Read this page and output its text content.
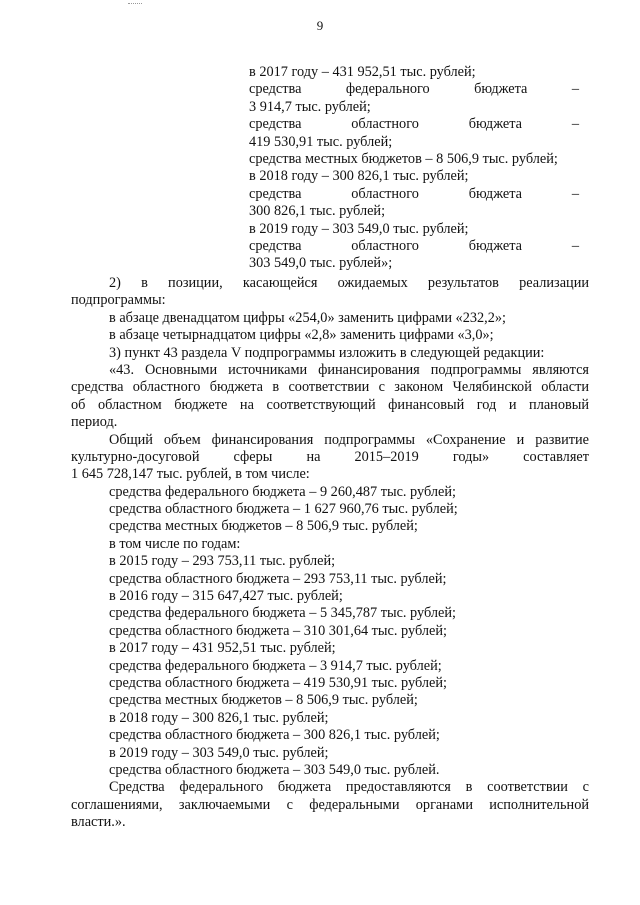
9
в 2017 году – 431 952,51 тыс. рублей;
средства федерального бюджета –
3 914,7 тыс. рублей;
средства областного бюджета –
419 530,91 тыс. рублей;
средства местных бюджетов – 8 506,9 тыс. рублей;
в 2018 году – 300 826,1 тыс. рублей;
средства областного бюджета –
300 826,1 тыс. рублей;
в 2019 году – 303 549,0 тыс. рублей;
средства областного бюджета –
303 549,0 тыс. рублей»;
2) в позиции, касающейся ожидаемых результатов реализации
подпрограммы:
в абзаце двенадцатом цифры «254,0» заменить цифрами «232,2»;
в абзаце четырнадцатом цифры «2,8» заменить цифрами «3,0»;
3) пункт 43 раздела V подпрограммы изложить в следующей редакции:
«43. Основными источниками финансирования подпрограммы являются
средства областного бюджета в соответствии с законом Челябинской области
об областном бюджете на соответствующий финансовый год и плановый
период.
Общий объем финансирования подпрограммы «Сохранение и развитие
культурно-досуговой сферы на 2015–2019 годы» составляет
1 645 728,147 тыс. рублей, в том числе:
средства федерального бюджета – 9 260,487 тыс. рублей;
средства областного бюджета – 1 627 960,76 тыс. рублей;
средства местных бюджетов – 8 506,9 тыс. рублей;
в том числе по годам:
в 2015 году – 293 753,11 тыс. рублей;
средства областного бюджета – 293 753,11 тыс. рублей;
в 2016 году – 315 647,427 тыс. рублей;
средства федерального бюджета – 5 345,787 тыс. рублей;
средства областного бюджета – 310 301,64 тыс. рублей;
в 2017 году – 431 952,51 тыс. рублей;
средства федерального бюджета – 3 914,7 тыс. рублей;
средства областного бюджета – 419 530,91 тыс. рублей;
средства местных бюджетов – 8 506,9 тыс. рублей;
в 2018 году – 300 826,1 тыс. рублей;
средства областного бюджета – 300 826,1 тыс. рублей;
в 2019 году – 303 549,0 тыс. рублей;
средства областного бюджета – 303 549,0 тыс. рублей.
Средства федерального бюджета предоставляются в соответствии с
соглашениями, заключаемыми с федеральными органами исполнительной
власти.».
